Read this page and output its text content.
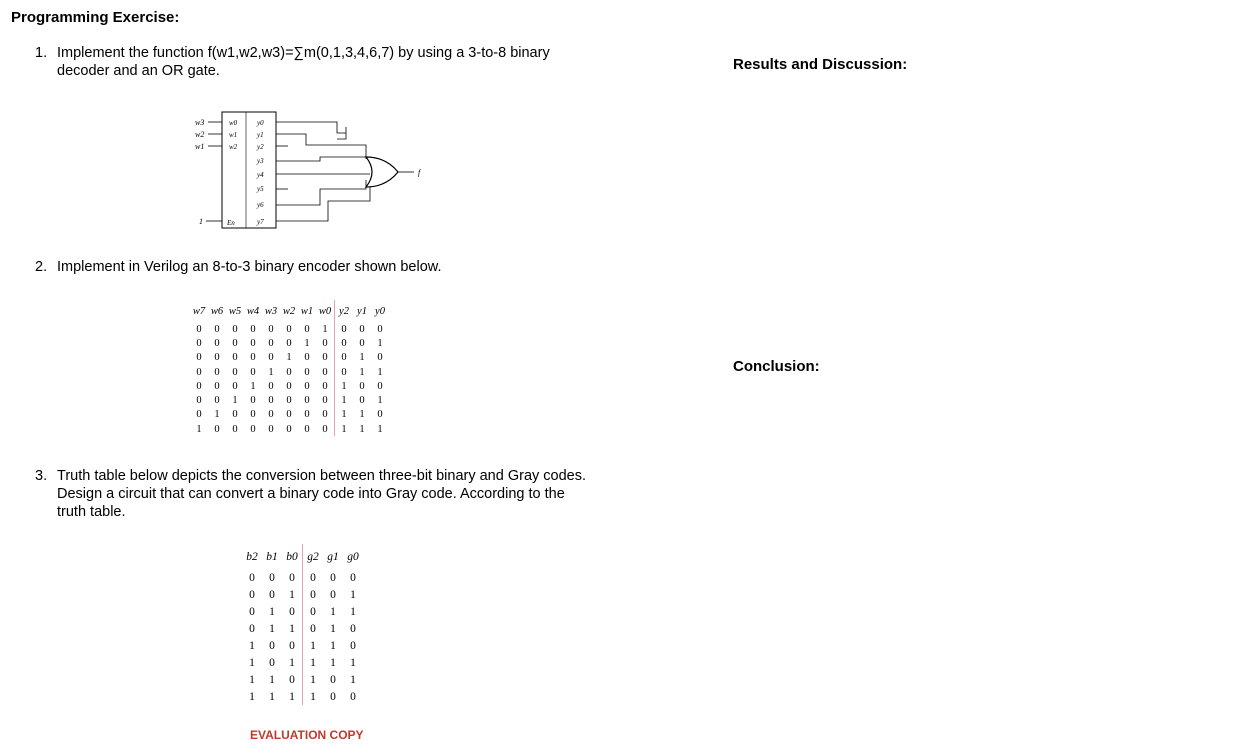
Programming Exercise:
Results and Discussion:
Conclusion:
1. Implement the function f(w1,w2,w3)=∑m(0,1,3,4,6,7) by using a 3-to-8 binary
decoder and an OR gate.
w3
w2
w1
1
w0
w1
w2
En
y0
y1
y2
y3
y4
y5
y6
y7
f
2. Implement in Verilog an 8-to-3 binary encoder shown below.
w7	w6	w5	w4	w3	w2	w1	w0	y2	y1	y0
0	0	0	0	0	0	0	1	0	0	0
0	0	0	0	0	0	1	0	0	0	1
0	0	0	0	0	1	0	0	0	1	0
0	0	0	0	1	0	0	0	0	1	1
0	0	0	1	0	0	0	0	1	0	0
0	0	1	0	0	0	0	0	1	0	1
0	1	0	0	0	0	0	0	1	1	0
1	0	0	0	0	0	0	0	1	1	1
3. Truth table below depicts the conversion between three-bit binary and Gray codes.
Design a circuit that can convert a binary code into Gray code. According to the
truth table.
b2	b1	b0	g2	g1	g0
0	0	0	0	0	0
0	0	1	0	0	1
0	1	0	0	1	1
0	1	1	0	1	0
1	0	0	1	1	0
1	0	1	1	1	1
1	1	0	1	0	1
1	1	1	1	0	0
EVALUATION COPY
